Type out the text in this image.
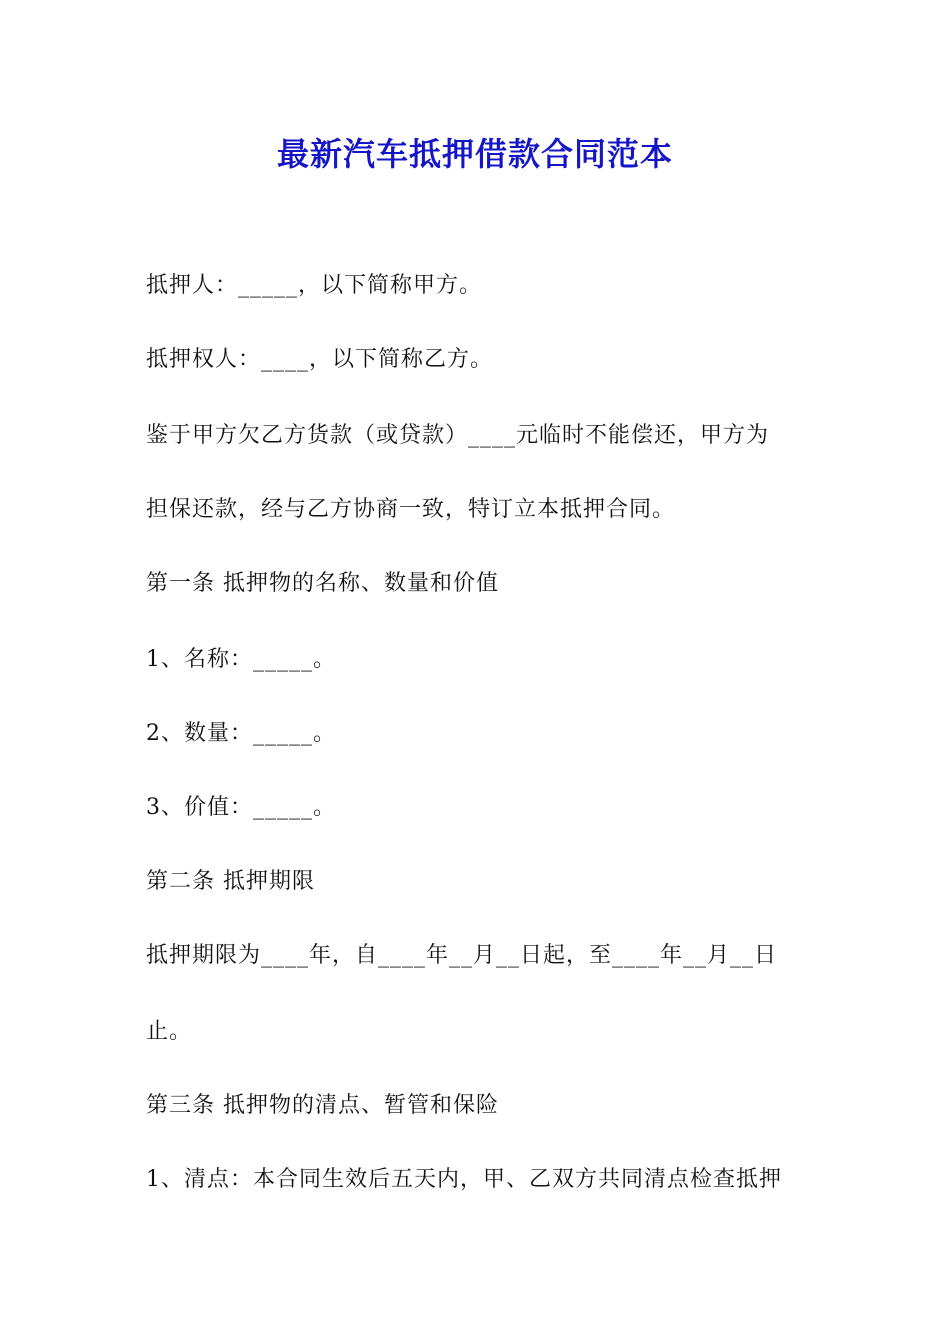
最新汽车抵押借款合同范本
抵押人：_____，以下简称甲方。
抵押权人：____，以下简称乙方。
鉴于甲方欠乙方货款（或贷款）____元临时不能偿还，甲方为
担保还款，经与乙方协商一致，特订立本抵押合同。
第一条 抵押物的名称、数量和价值
1、名称：_____。
2、数量：_____。
3、价值：_____。
第二条 抵押期限
抵押期限为____年，自____年__月__日起，至____年__月__日
止。
第三条 抵押物的清点、暂管和保险
1、清点：本合同生效后五天内，甲、乙双方共同清点检查抵押
